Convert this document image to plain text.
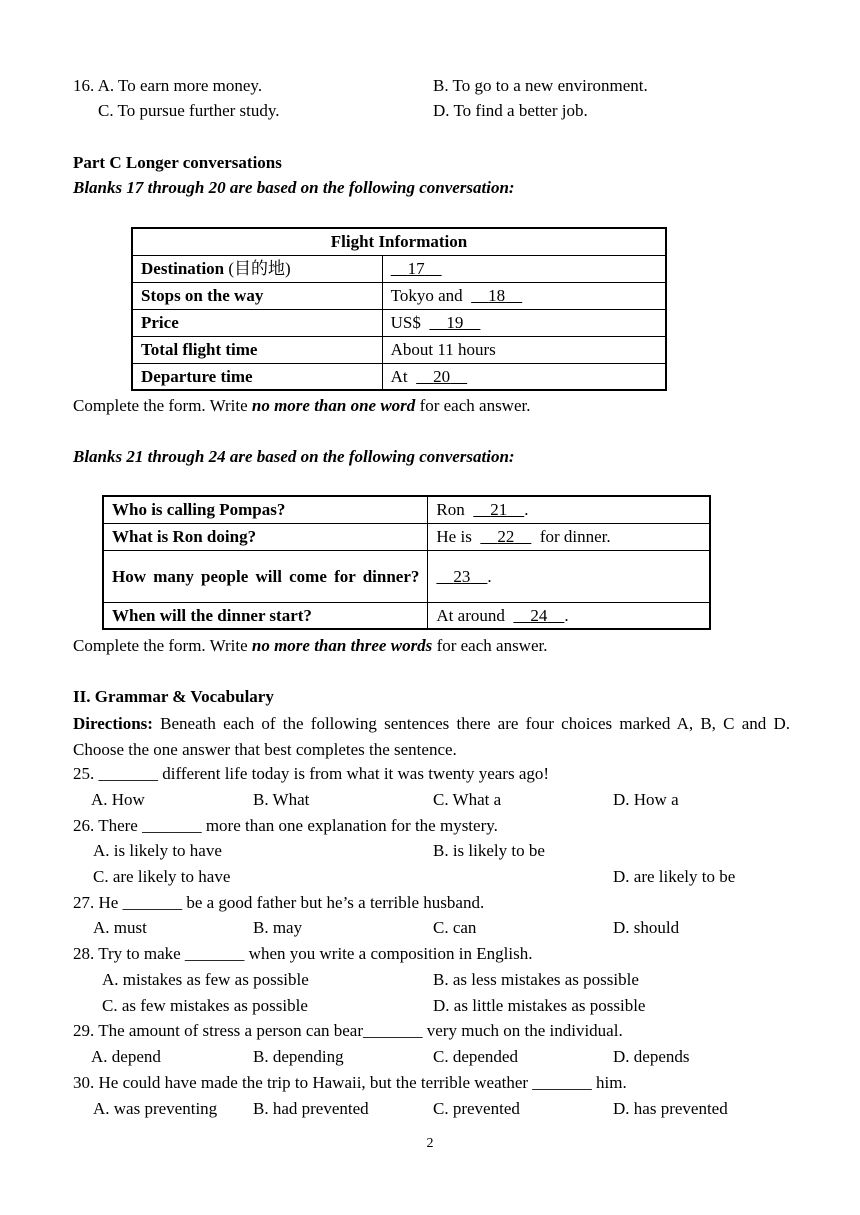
16. A. To earn more money.	B. To go to a new environment.
C. To pursue further study.	D. To find a better job.
Part C Longer conversations
Blanks 17 through 20 are based on the following conversation:
Flight Information	
Destination (目的地)	17
Stops on the way	Tokyo and      18
Price	US$      19
Total flight time	About 11 hours
Departure time	At      20
Complete the form. Write no more than one word for each answer.
Blanks 21 through 24 are based on the following conversation:
Who is calling Pompas?	Ron      21 .
What is Ron doing?	He is      22      for dinner.
How many people will come for dinner?	23 .
When will the dinner start?	At around      24 .
Complete the form. Write no more than three words for each answer.
II. Grammar & Vocabulary
Directions: Beneath each of the following sentences there are four choices marked A, B, C and D. Choose the one answer that best completes the sentence.
25. _______ different life today is from what it was twenty years ago!
A. How	B. What	C. What a	D. How a
26. There _______ more than one explanation for the mystery.
A. is likely to have	B. is likely to be
C. are likely to have	D. are likely to be
27. He _______ be a good father but he’s a terrible husband.
A. must	B. may	C. can	D. should
28. Try to make _______ when you write a composition in English.
A. mistakes as few as possible	B. as less mistakes as possible
C. as few mistakes as possible	D. as little mistakes as possible
29. The amount of stress a person can bear_______ very much on the individual.
A. depend	B. depending	C. depended	D. depends
30. He could have made the trip to Hawaii, but the terrible weather _______ him.
A. was preventing B. had prevented	C. prevented	D. has prevented
2
